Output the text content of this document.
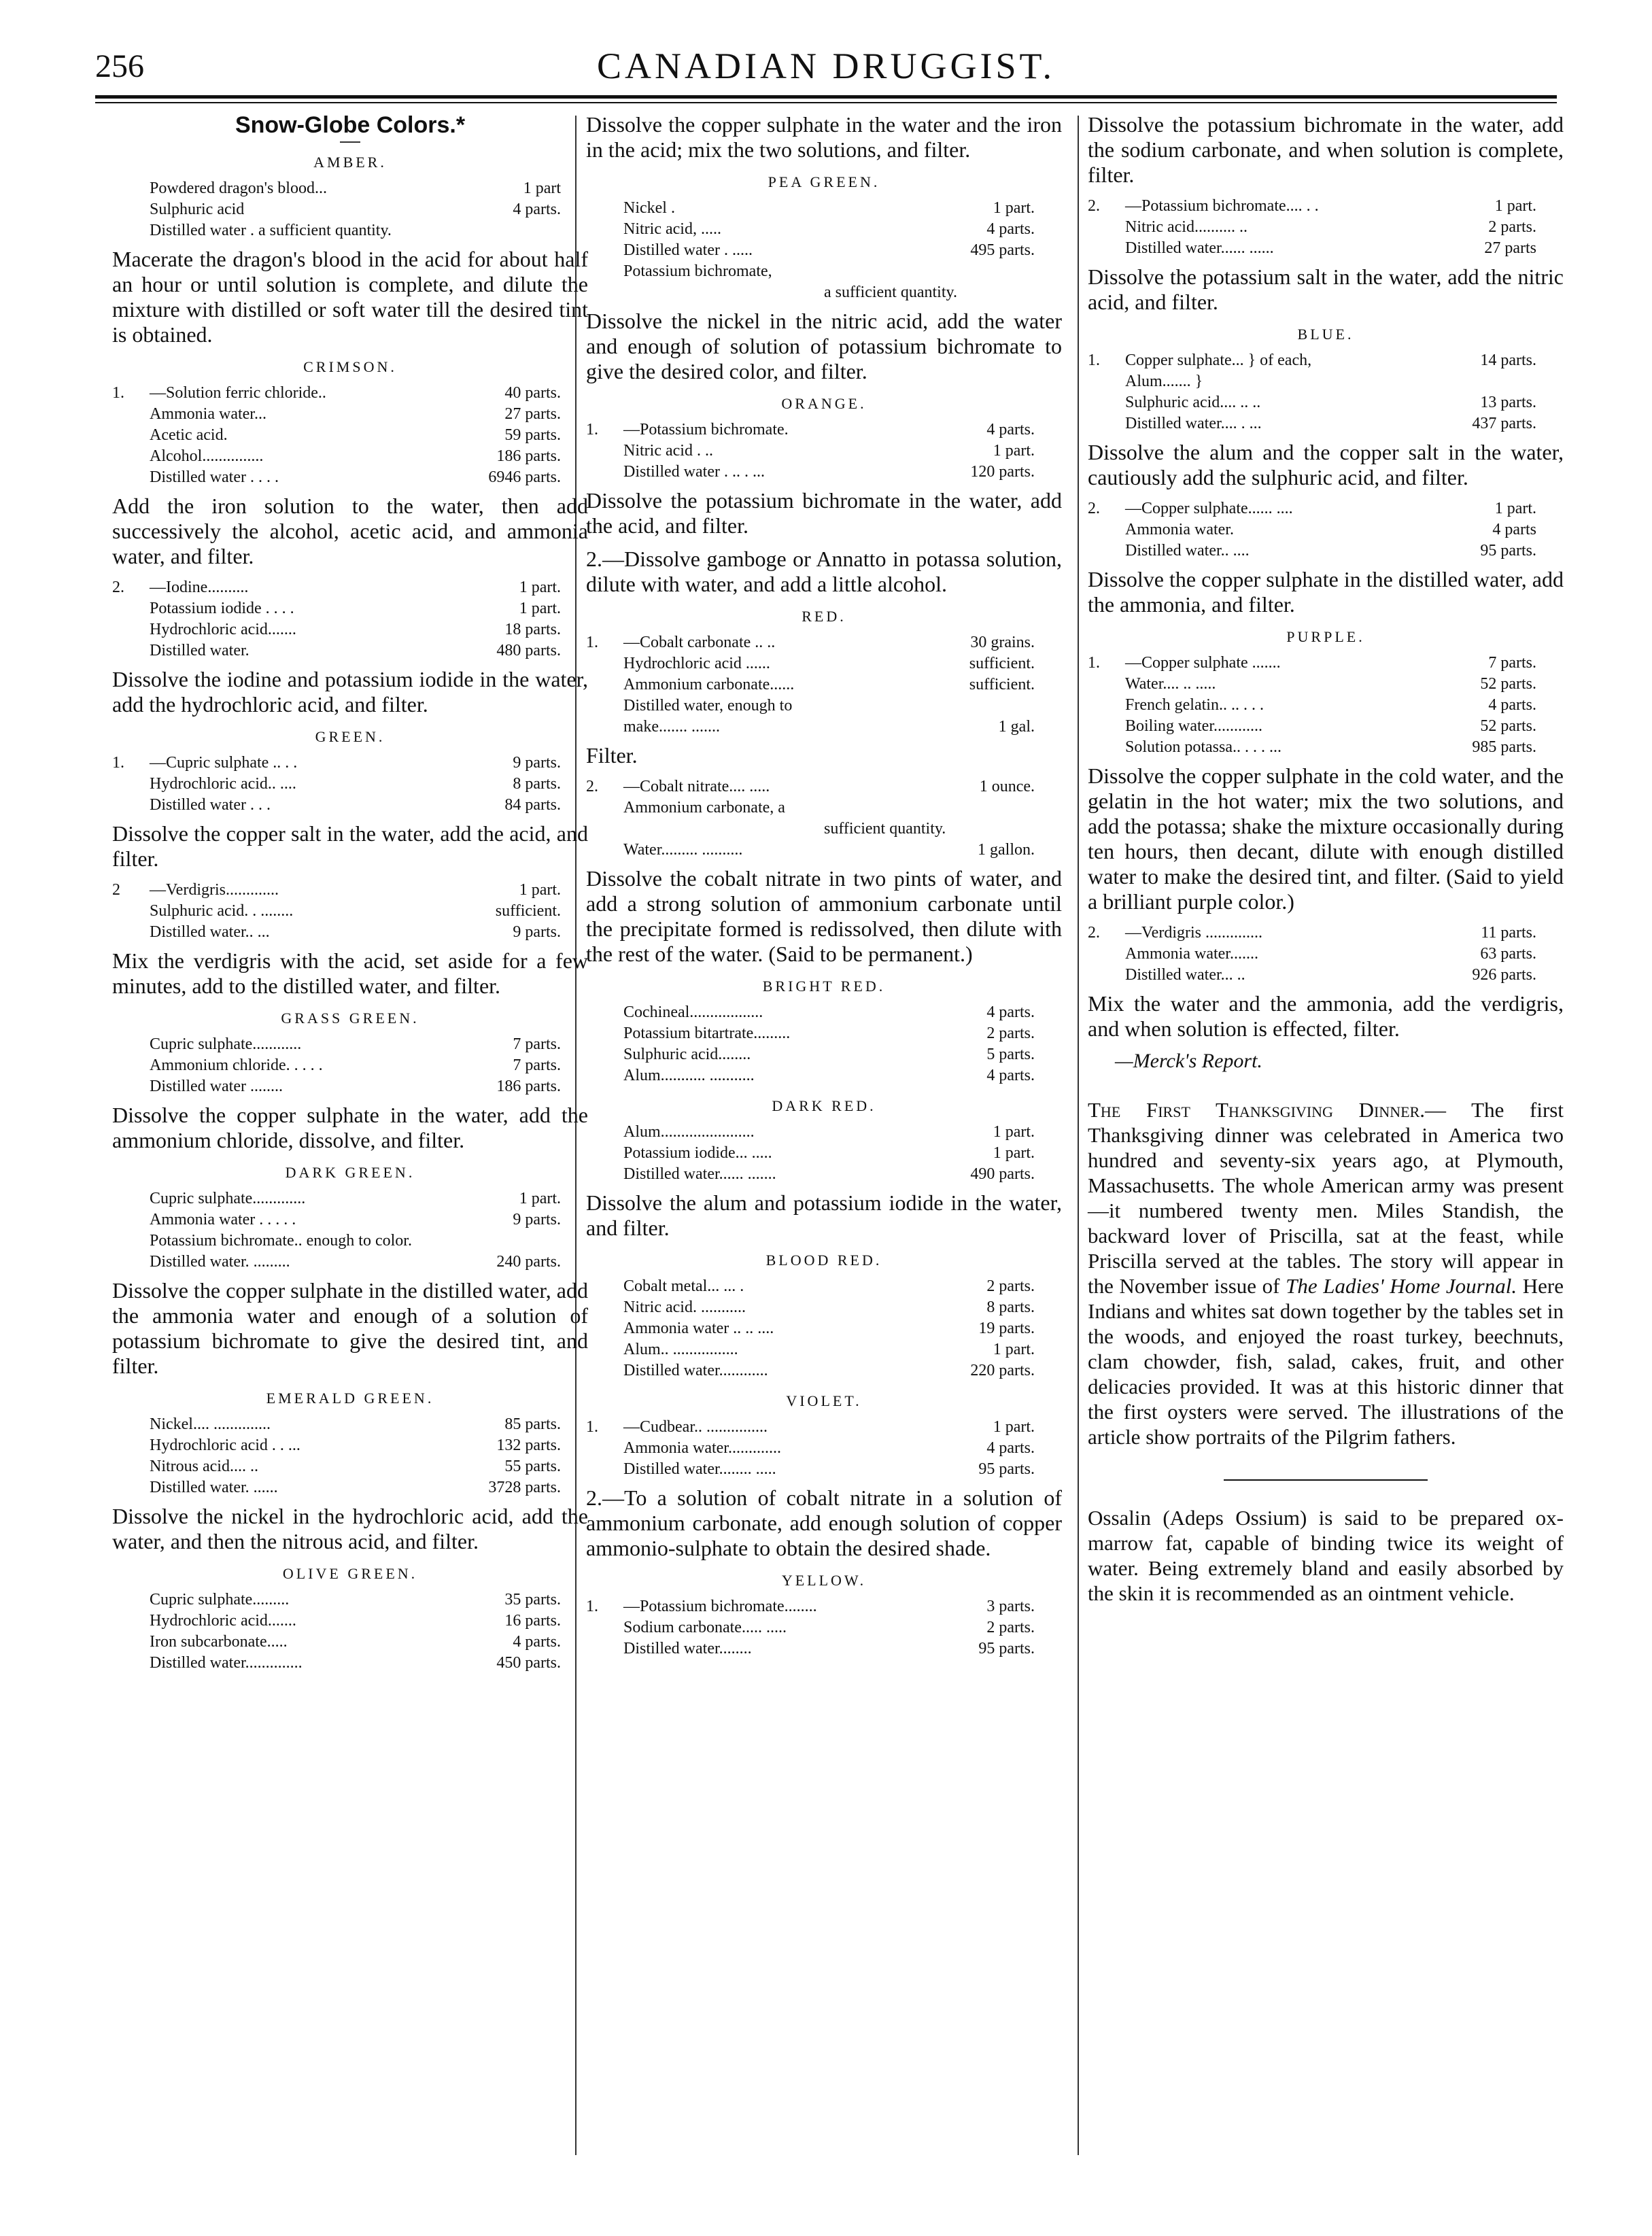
256	CANADIAN DRUGGIST.
Snow-Globe Colors.*
AMBER.
Powdered dragon's blood...	1 part
Sulphuric acid	4 parts.
Distilled water . a sufficient quantity.

Macerate the dragon's blood in the acid for about half an hour or until solution is complete, and dilute the mixture with distilled or soft water till the desired tint is obtained.

CRIMSON.
1. —Solution ferric chloride..	40 parts.
Ammonia water...	27 parts.
Acetic acid.	59 parts.
Alcohol...............	186 parts.
Distilled water . . . .	6946 parts.

Add the iron solution to the water, then add successively the alcohol, acetic acid, and ammonia water, and filter.

2. —Iodine..........	1 part.
Potassium iodide . . . .	1 part.
Hydrochloric acid.......	18 parts.
Distilled water.	480 parts.

Dissolve the iodine and potassium iodide in the water, add the hydrochloric acid, and filter.

GREEN.
1. —Cupric sulphate .. . .	9 parts.
Hydrochloric acid.. ....	8 parts.
Distilled water . . .	84 parts.

Dissolve the copper salt in the water, add the acid, and filter.

2 —Verdigris.............	1 part.
Sulphuric acid. . ........	sufficient.
Distilled water.. ...	9 parts.

Mix the verdigris with the acid, set aside for a few minutes, add to the distilled water, and filter.

GRASS GREEN.
Cupric sulphate............	7 parts.
Ammonium chloride. . . . .	7 parts.
Distilled water ........	186 parts.

Dissolve the copper sulphate in the water, add the ammonium chloride, dissolve, and filter.

DARK GREEN.
Cupric sulphate.............	1 part.
Ammonia water . . . . .	9 parts.
Potassium bichromate.. enough to color.
Distilled water. .........	240 parts.

Dissolve the copper sulphate in the distilled water, add the ammonia water and enough of a solution of potassium bichromate to give the desired tint, and filter.

EMERALD GREEN.
Nickel.... ..............	85 parts.
Hydrochloric acid . . ...	132 parts.
Nitrous acid.... ..	55 parts.
Distilled water. ......	3728 parts.

Dissolve the nickel in the hydrochloric acid, add the water, and then the nitrous acid, and filter.

OLIVE GREEN.
Cupric sulphate.........	35 parts.
Hydrochloric acid.......	16 parts.
Iron subcarbonate.....	4 parts.
Distilled water..............	450 parts.

Dissolve the copper sulphate in the water and the iron in the acid; mix the two solutions, and filter.

PEA GREEN.
Nickel .	1 part.
Nitric acid, .....	4 parts.
Distilled water . .....	495 parts.
Potassium bichromate,
a sufficient quantity.

Dissolve the nickel in the nitric acid, add the water and enough of solution of potassium bichromate to give the desired color, and filter.

ORANGE.
1. —Potassium bichromate.	4 parts.
Nitric acid . ..	1 part.
Distilled water . .. . ...	120 parts.

Dissolve the potassium bichromate in the water, add the acid, and filter.

2.—Dissolve gamboge or Annatto in potassa solution, dilute with water, and add a little alcohol.

RED.
1. —Cobalt carbonate .. ..	30 grains.
Hydrochloric acid ......	sufficient.
Ammonium carbonate......	sufficient.
Distilled water, enough to
make....... .......	1 gal.

Filter.

2. —Cobalt nitrate.... .....	1 ounce.
Ammonium carbonate, a
sufficient quantity.
Water......... ..........	1 gallon.

Dissolve the cobalt nitrate in two pints of water, and add a strong solution of ammonium carbonate until the precipitate formed is redissolved, then dilute with the rest of the water. (Said to be permanent.)

BRIGHT RED.
Cochineal..................	4 parts.
Potassium bitartrate.........	2 parts.
Sulphuric acid........	5 parts.
Alum........... ...........	4 parts.
DARK RED.
Alum.......................	1 part.
Potassium iodide... .....	1 part.
Distilled water...... .......	490 parts.

Dissolve the alum and potassium iodide in the water, and filter.

BLOOD RED.
Cobalt metal... ... .	2 parts.
Nitric acid. ...........	8 parts.
Ammonia water .. .. ....	19 parts.
Alum.. ................	1 part.
Distilled water............	220 parts.
VIOLET.
1. —Cudbear.. ...............	1 part.
Ammonia water.............	4 parts.
Distilled water........ .....	95 parts.

2.—To a solution of cobalt nitrate in a solution of ammonium carbonate, add enough solution of copper ammonio-sulphate to obtain the desired shade.

YELLOW.
1. —Potassium bichromate........	3 parts.
Sodium carbonate..... .....	2 parts.
Distilled water........	95 parts.

Dissolve the potassium bichromate in the water, add the sodium carbonate, and when solution is complete, filter.

2. —Potassium bichromate.... . .	1 part.
Nitric acid.......... ..	2 parts.
Distilled water...... ......	27 parts

Dissolve the potassium salt in the water, add the nitric acid, and filter.

BLUE.
1. Copper sulphate... } of each,	14 parts.
Alum....... }
Sulphuric acid.... .. ..	13 parts.
Distilled water.... . ...	437 parts.

Dissolve the alum and the copper salt in the water, cautiously add the sulphuric acid, and filter.

2. —Copper sulphate...... ....	1 part.
Ammonia water.	4 parts
Distilled water.. ....	95 parts.

Dissolve the copper sulphate in the distilled water, add the ammonia, and filter.

PURPLE.
1. —Copper sulphate .......	7 parts.
Water.... .. .....	52 parts.
French gelatin.. .. . . .	4 parts.
Boiling water............	52 parts.
Solution potassa.. . . . ...	985 parts.

Dissolve the copper sulphate in the cold water, and the gelatin in the hot water; mix the two solutions, and add the potassa; shake the mixture occasionally during ten hours, then decant, dilute with enough distilled water to make the desired tint, and filter. (Said to yield a brilliant purple color.)

2. —Verdigris ..............	11 parts.
Ammonia water.......	63 parts.
Distilled water... ..	926 parts.

Mix the water and the ammonia, add the verdigris, and when solution is effected, filter.

—Merck's Report.

The First Thanksgiving Dinner.— The first Thanksgiving dinner was celebrated in America two hundred and seventy-six years ago, at Plymouth, Massachusetts. The whole American army was present—it numbered twenty men. Miles Standish, the backward lover of Priscilla, sat at the feast, while Priscilla served at the tables. The story will appear in the November issue of The Ladies' Home Journal. Here Indians and whites sat down together by the tables set in the woods, and enjoyed the roast turkey, beechnuts, clam chowder, fish, salad, cakes, fruit, and other delicacies provided. It was at this historic dinner that the first oysters were served. The illustrations of the article show portraits of the Pilgrim fathers.

Ossalin (Adeps Ossium) is said to be prepared ox-marrow fat, capable of binding twice its weight of water. Being extremely bland and easily absorbed by the skin it is recommended as an ointment vehicle.
